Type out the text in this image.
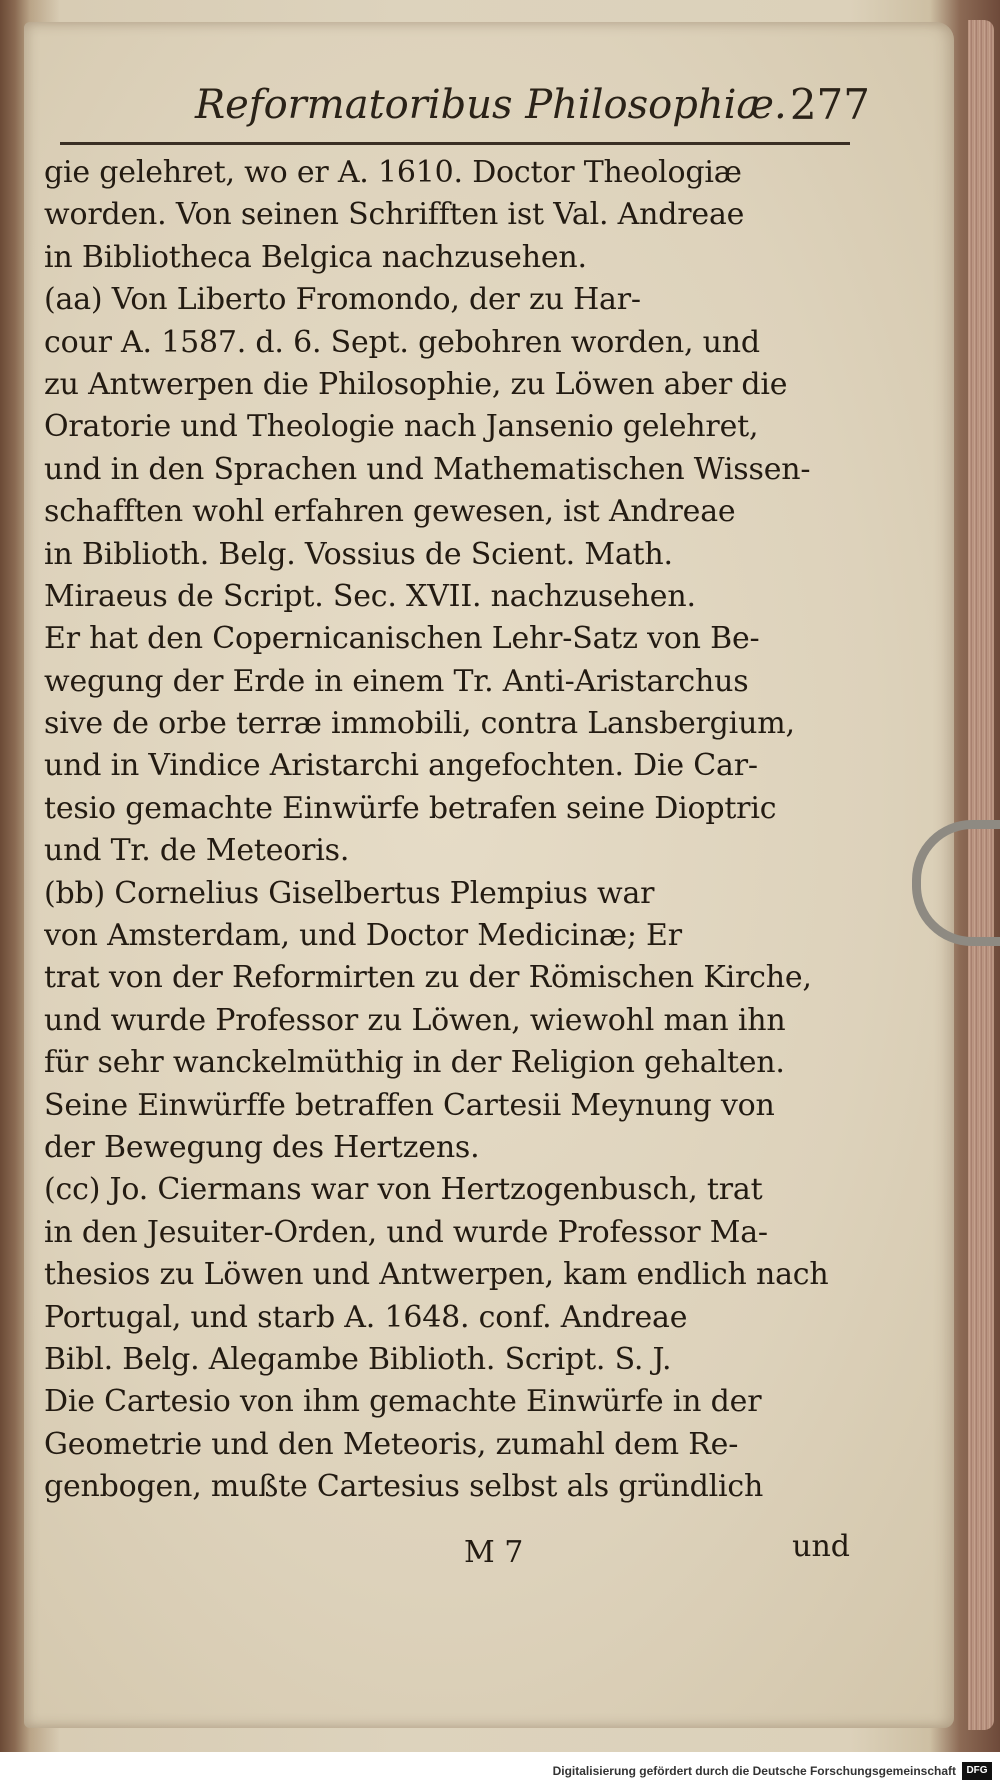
Reformatoribus Philosophiæ. 277
gie gelehret, wo er A. 1610. Doctor Theologiæ
worden. Von seinen Schrifften ist Val. Andreae
in Bibliotheca Belgica nachzusehen.
(aa) Von Liberto Fromondo, der zu Har-
cour A. 1587. d. 6. Sept. gebohren worden, und
zu Antwerpen die Philosophie, zu Löwen aber die
Oratorie und Theologie nach Jansenio gelehret,
und in den Sprachen und Mathematischen Wissen-
schafften wohl erfahren gewesen, ist Andreae
in Biblioth. Belg. Vossius de Scient. Math.
Miraeus de Script. Sec. XVII. nachzusehen.
Er hat den Copernicanischen Lehr-Satz von Be-
wegung der Erde in einem Tr. Anti-Aristarchus
sive de orbe terræ immobili, contra Lansbergium,
und in Vindice Aristarchi angefochten. Die Car-
tesio gemachte Einwürfe betrafen seine Dioptric
und Tr. de Meteoris.
(bb) Cornelius Giselbertus Plempius war
von Amsterdam, und Doctor Medicinæ; Er
trat von der Reformirten zu der Römischen Kirche,
und wurde Professor zu Löwen, wiewohl man ihn
für sehr wanckelmüthig in der Religion gehalten.
Seine Einwürffe betraffen Cartesii Meynung von
der Bewegung des Hertzens.
(cc) Jo. Ciermans war von Hertzogenbusch, trat
in den Jesuiter-Orden, und wurde Professor Ma-
thesios zu Löwen und Antwerpen, kam endlich nach
Portugal, und starb A. 1648. conf. Andreae
Bibl. Belg. Alegambe Biblioth. Script. S. J.
Die Cartesio von ihm gemachte Einwürfe in der
Geometrie und den Meteoris, zumahl dem Re-
genbogen, mußte Cartesius selbst als gründlich
M 7	und
Digitalisierung gefördert durch die Deutsche Forschungsgemeinschaft	DFG
